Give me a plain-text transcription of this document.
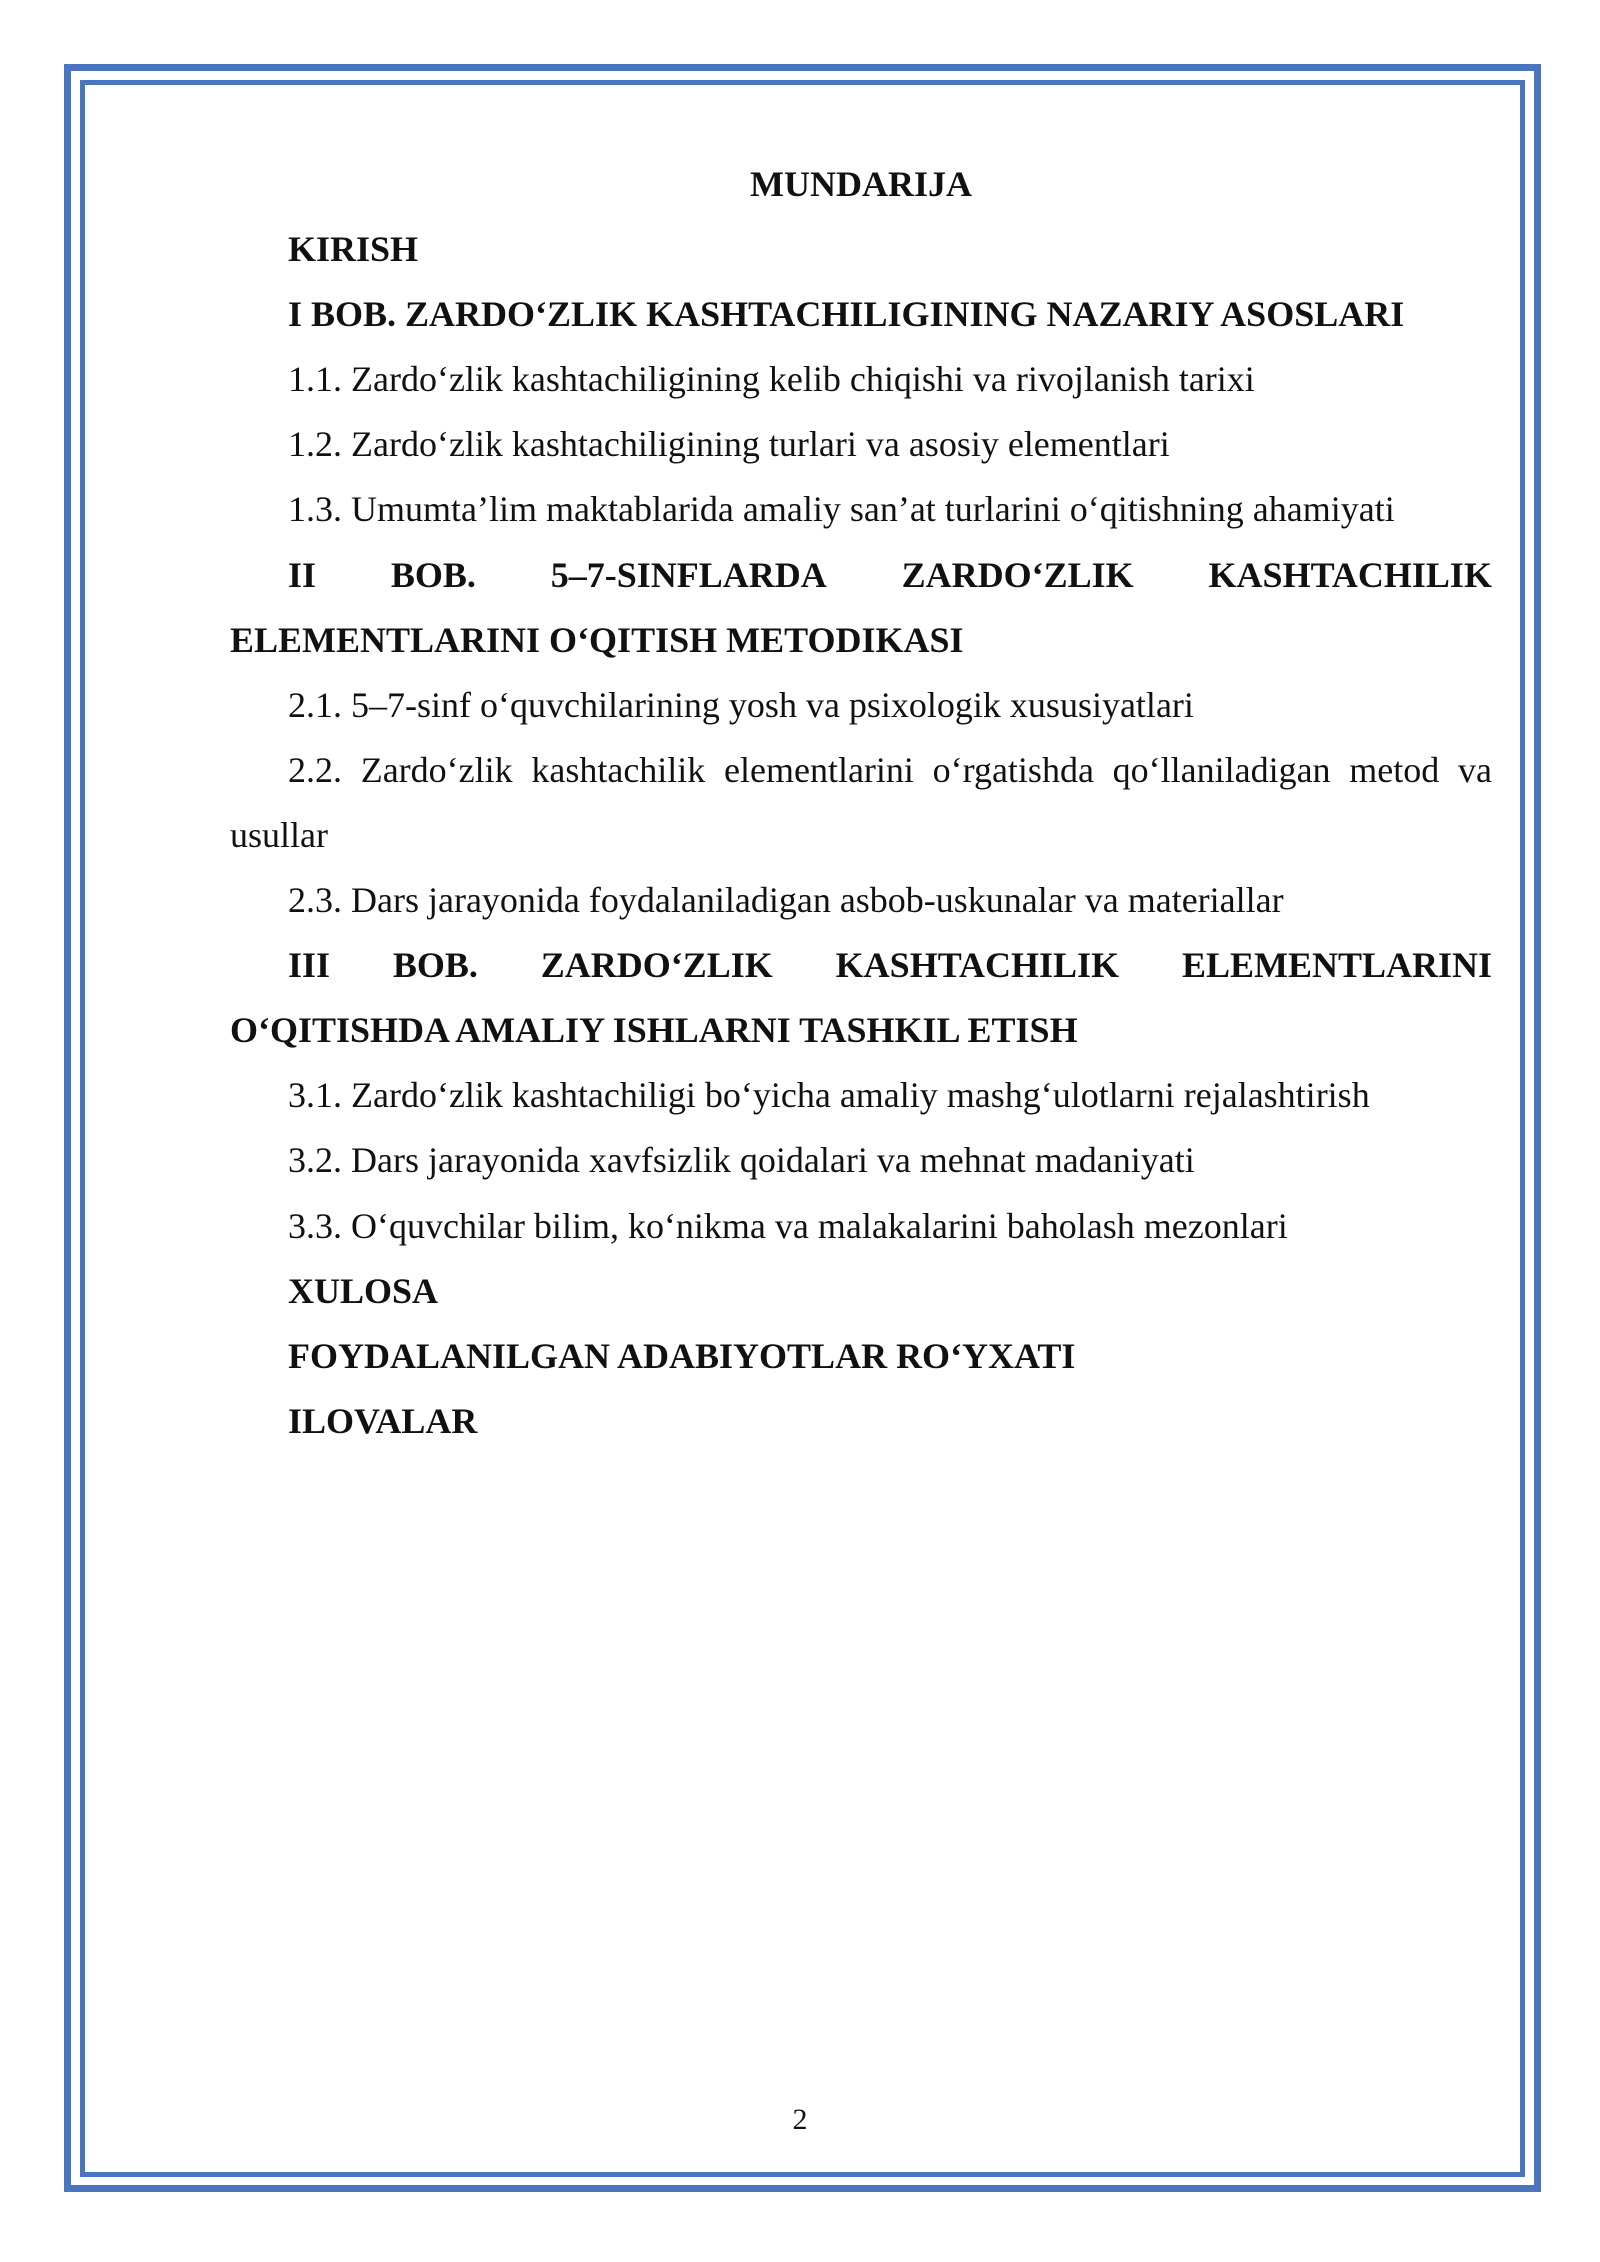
MUNDARIJA

KIRISH

I BOB. ZARDO‘ZLIK KASHTACHILIGINING NAZARIY ASOSLARI

1.1. Zardo‘zlik kashtachiligining kelib chiqishi va rivojlanish tarixi

1.2. Zardo‘zlik kashtachiligining turlari va asosiy elementlari

1.3. Umumta’lim maktablarida amaliy san’at turlarini o‘qitishning ahamiyati

II BOB. 5–7-SINFLARDA ZARDO‘ZLIK KASHTACHILIK

ELEMENTLARINI O‘QITISH METODIKASI

2.1. 5–7-sinf o‘quvchilarining yosh va psixologik xususiyatlari

2.2. Zardo‘zlik kashtachilik elementlarini o‘rgatishda qo‘llaniladigan metod va

usullar

2.3. Dars jarayonida foydalaniladigan asbob-uskunalar va materiallar

III BOB. ZARDO‘ZLIK KASHTACHILIK ELEMENTLARINI

O‘QITISHDA AMALIY ISHLARNI TASHKIL ETISH

3.1. Zardo‘zlik kashtachiligi bo‘yicha amaliy mashg‘ulotlarni rejalashtirish

3.2. Dars jarayonida xavfsizlik qoidalari va mehnat madaniyati

3.3. O‘quvchilar bilim, ko‘nikma va malakalarini baholash mezonlari

XULOSA

FOYDALANILGAN ADABIYOTLAR RO‘YXATI

ILOVALAR

2
